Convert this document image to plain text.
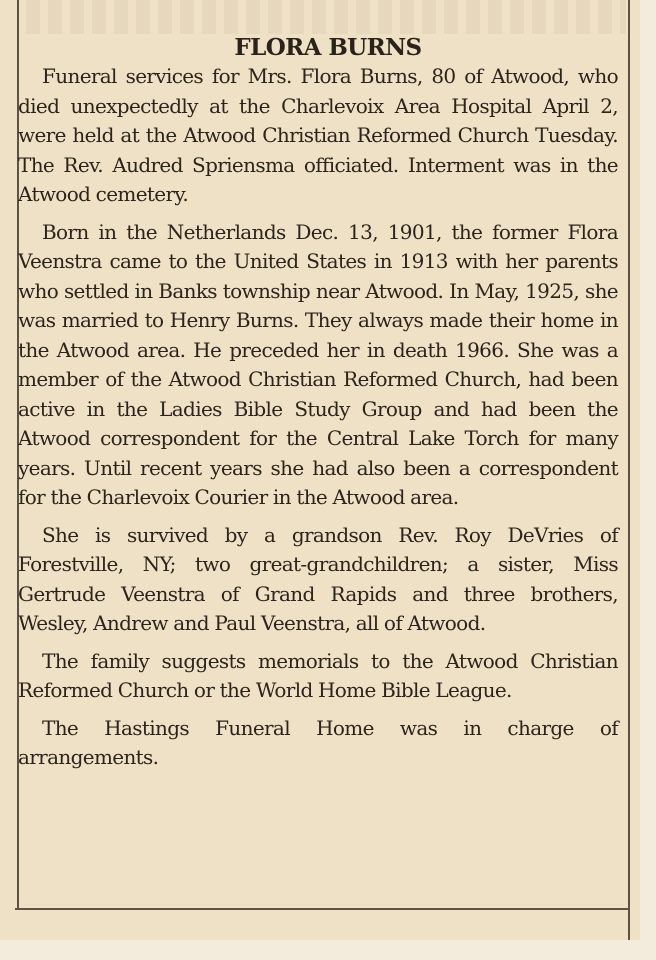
FLORA BURNS

Funeral services for Mrs. Flora Burns, 80 of Atwood, who died unexpectedly at the Charlevoix Area Hospital April 2, were held at the Atwood Christian Reformed Church Tuesday. The Rev. Audred Spriensma officiated. Interment was in the Atwood cemetery.

Born in the Netherlands Dec. 13, 1901, the former Flora Veenstra came to the United States in 1913 with her parents who settled in Banks township near Atwood. In May, 1925, she was married to Henry Burns. They always made their home in the Atwood area. He preceded her in death 1966. She was a member of the Atwood Christian Reformed Church, had been active in the Ladies Bible Study Group and had been the Atwood correspondent for the Central Lake Torch for many years. Until recent years she had also been a correspondent for the Charlevoix Courier in the Atwood area.

She is survived by a grandson Rev. Roy DeVries of Forestville, NY; two great-grandchildren; a sister, Miss Gertrude Veenstra of Grand Rapids and three brothers, Wesley, Andrew and Paul Veenstra, all of Atwood.

The family suggests memorials to the Atwood Christian Reformed Church or the World Home Bible League.

The Hastings Funeral Home was in charge of arrangements.
